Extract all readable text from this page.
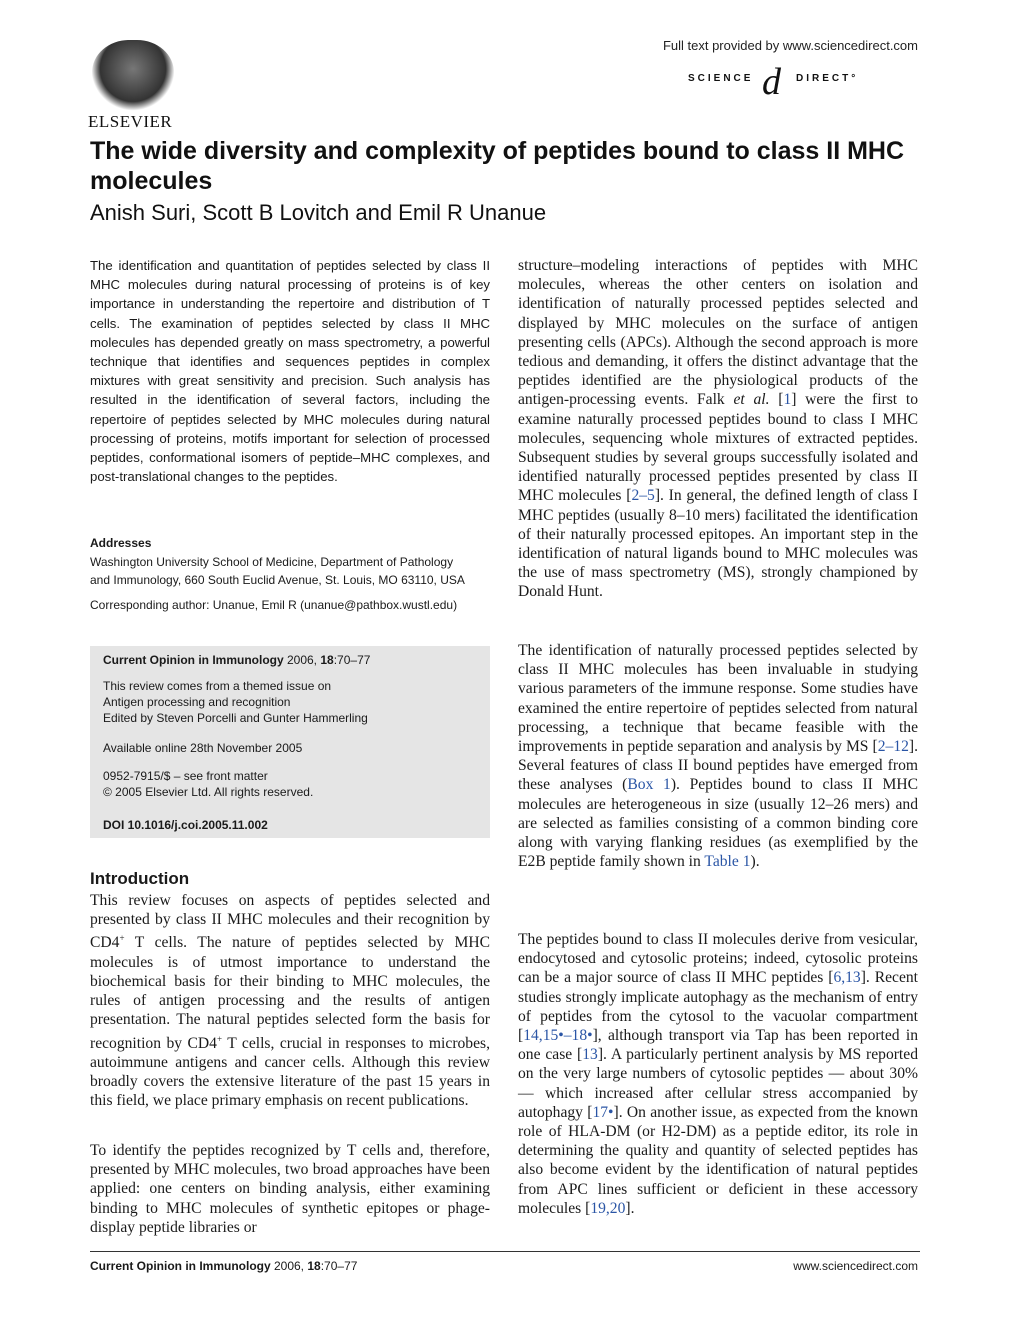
ELSEVIER
Full text provided by www.sciencedirect.com
SCIENCE d DIRECT°
The wide diversity and complexity of peptides bound to class II MHC molecules
Anish Suri, Scott B Lovitch and Emil R Unanue
The identification and quantitation of peptides selected by class II MHC molecules during natural processing of proteins is of key importance in understanding the repertoire and distribution of T cells. The examination of peptides selected by class II MHC molecules has depended greatly on mass spectrometry, a powerful technique that identifies and sequences peptides in complex mixtures with great sensitivity and precision. Such analysis has resulted in the identification of several factors, including the repertoire of peptides selected by MHC molecules during natural processing of proteins, motifs important for selection of processed peptides, conformational isomers of peptide–MHC complexes, and post-translational changes to the peptides.
Addresses
Washington University School of Medicine, Department of Pathology
and Immunology, 660 South Euclid Avenue, St. Louis, MO 63110, USA
Corresponding author: Unanue, Emil R (unanue@pathbox.wustl.edu)
Current Opinion in Immunology 2006, 18:70–77
This review comes from a themed issue on
Antigen processing and recognition
Edited by Steven Porcelli and Gunter Hammerling
Available online 28th November 2005
0952-7915/$ – see front matter
© 2005 Elsevier Ltd. All rights reserved.
DOI 10.1016/j.coi.2005.11.002
Introduction

This review focuses on aspects of peptides selected and presented by class II MHC molecules and their recognition by CD4+ T cells. The nature of peptides selected by MHC molecules is of utmost importance to understand the biochemical basis for their binding to MHC molecules, the rules of antigen processing and the results of antigen presentation. The natural peptides selected form the basis for recognition by CD4+ T cells, crucial in responses to microbes, autoimmune antigens and cancer cells. Although this review broadly covers the extensive literature of the past 15 years in this field, we place primary emphasis on recent publications.

To identify the peptides recognized by T cells and, therefore, presented by MHC molecules, two broad approaches have been applied: one centers on binding analysis, either examining binding to MHC molecules of synthetic epitopes or phage-display peptide libraries or

structure–modeling interactions of peptides with MHC molecules, whereas the other centers on isolation and identification of naturally processed peptides selected and displayed by MHC molecules on the surface of antigen presenting cells (APCs). Although the second approach is more tedious and demanding, it offers the distinct advantage that the peptides identified are the physiological products of the antigen-processing events. Falk et al. [1] were the first to examine naturally processed peptides bound to class I MHC molecules, sequencing whole mixtures of extracted peptides. Subsequent studies by several groups successfully isolated and identified naturally processed peptides presented by class II MHC molecules [2–5]. In general, the defined length of class I MHC peptides (usually 8–10 mers) facilitated the identification of their naturally processed epitopes. An important step in the identification of natural ligands bound to MHC molecules was the use of mass spectrometry (MS), strongly championed by Donald Hunt.

The identification of naturally processed peptides selected by class II MHC molecules has been invaluable in studying various parameters of the immune response. Some studies have examined the entire repertoire of peptides selected from natural processing, a technique that became feasible with the improvements in peptide separation and analysis by MS [2–12]. Several features of class II bound peptides have emerged from these analyses (Box 1). Peptides bound to class II MHC molecules are heterogeneous in size (usually 12–26 mers) and are selected as families consisting of a common binding core along with varying flanking residues (as exemplified by the E2B peptide family shown in Table 1).

The peptides bound to class II molecules derive from vesicular, endocytosed and cytosolic proteins; indeed, cytosolic proteins can be a major source of class II MHC peptides [6,13]. Recent studies strongly implicate autophagy as the mechanism of entry of peptides from the cytosol to the vacuolar compartment [14,15•–18•], although transport via Tap has been reported in one case [13]. A particularly pertinent analysis by MS reported on the very large numbers of cytosolic peptides — about 30% — which increased after cellular stress accompanied by autophagy [17•]. On another issue, as expected from the known role of HLA-DM (or H2-DM) as a peptide editor, its role in determining the quality and quantity of selected peptides has also become evident by the identification of natural peptides from APC lines sufficient or deficient in these accessory molecules [19,20].

Current Opinion in Immunology 2006, 18:70–77	www.sciencedirect.com
